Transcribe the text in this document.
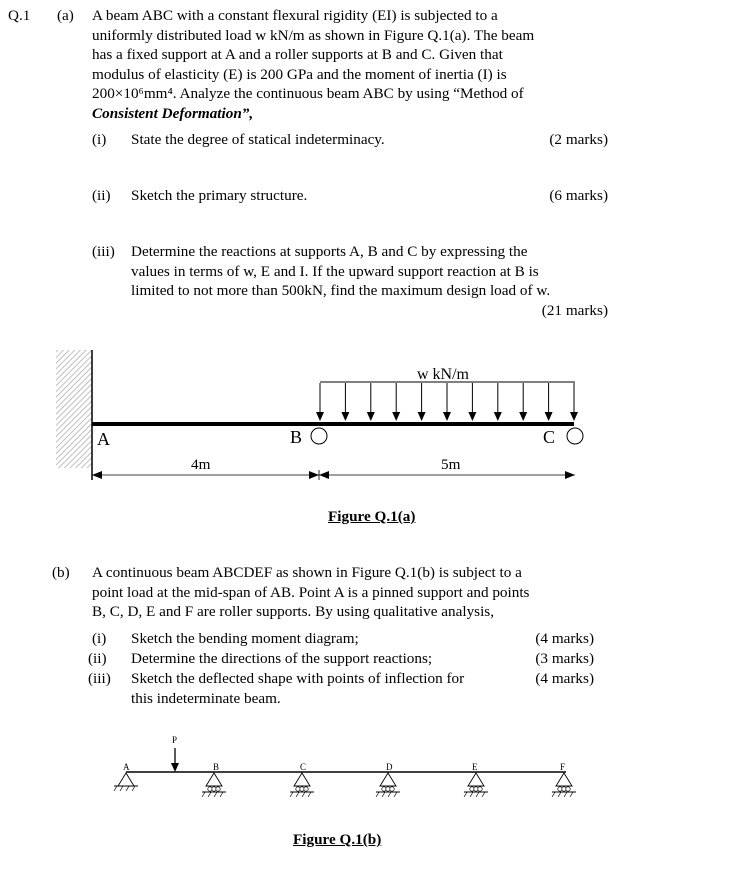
Q.1 (a) A beam ABC with a constant flexural rigidity (EI) is subjected to a
uniformly distributed load w kN/m as shown in Figure Q.1(a). The beam
has a fixed support at A and a roller supports at B and C. Given that
modulus of elasticity (E) is 200 GPa and the moment of inertia (I) is
200×10⁶mm⁴. Analyze the continuous beam ABC by using “Method of
Consistent Deformation”,
(i) State the degree of statical indeterminacy.	(2 marks)
(ii) Sketch the primary structure.	(6 marks)
(iii) Determine the reactions at supports A, B and C by expressing the
values in terms of w, E and I. If the upward support reaction at B is
limited to not more than 500kN, find the maximum design load of w.
(21 marks)
w kN/m
A	B	C
4m	5m
Figure Q.1(a)
(b) A continuous beam ABCDEF as shown in Figure Q.1(b) is subject to a
point load at the mid-span of AB. Point A is a pinned support and points
B, C, D, E and F are roller supports. By using qualitative analysis,
(i) Sketch the bending moment diagram;	(4 marks)
(ii) Determine the directions of the support reactions;	(3 marks)
(iii) Sketch the deflected shape with points of inflection for
this indeterminate beam.
(4 marks)
P
A	B	C	D	E	F
Figure Q.1(b)
